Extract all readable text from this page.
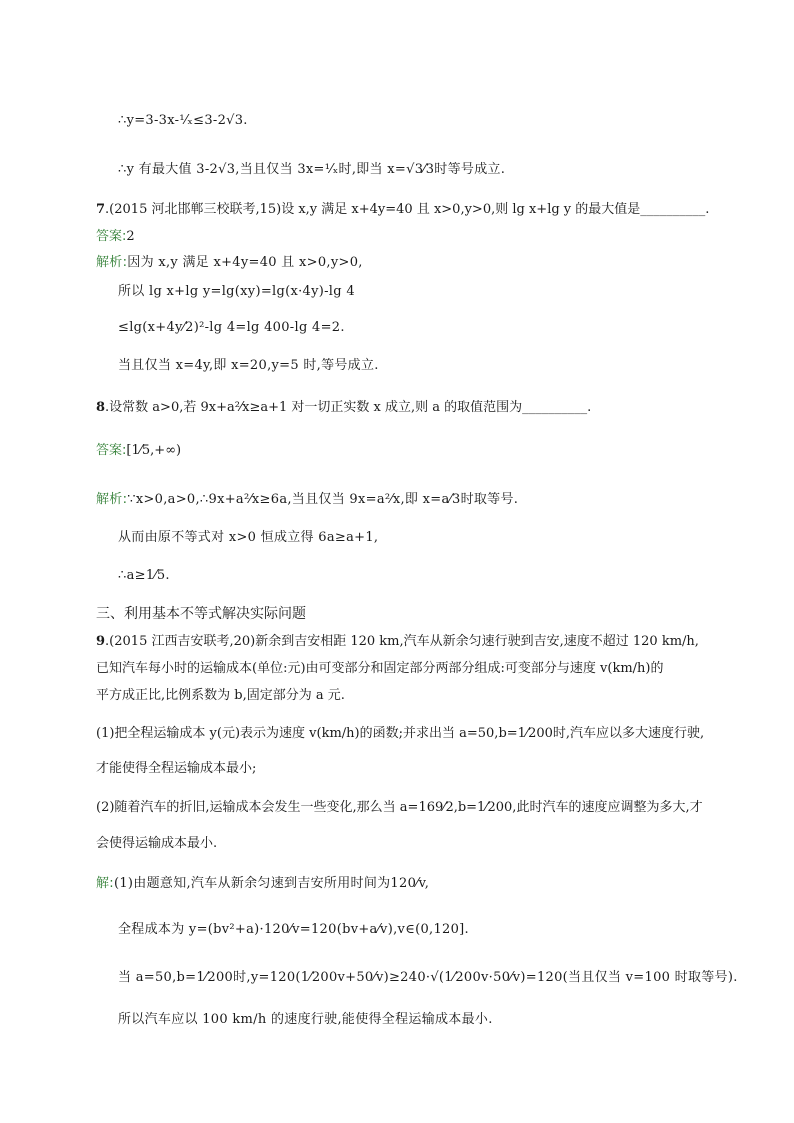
∴y=3-3x-¹⁄ₓ≤3-2√3.
∴y 有最大值 3-2√3,当且仅当 3x=¹⁄ₓ时,即当 x=√3⁄3时等号成立.
7.(2015 河北邯郸三校联考,15)设 x,y 满足 x+4y=40 且 x>0,y>0,则 lg x+lg y 的最大值是__________.
答案:2
解析:因为 x,y 满足 x+4y=40 且 x>0,y>0,
所以 lg x+lg y=lg(xy)=lg(x·4y)-lg 4
≤lg(x+4y⁄2)²-lg 4=lg 400-lg 4=2.
当且仅当 x=4y,即 x=20,y=5 时,等号成立.
8.设常数 a>0,若 9x+a²⁄x≥a+1 对一切正实数 x 成立,则 a 的取值范围为__________.
答案:[1⁄5,+∞)
解析:∵x>0,a>0,∴9x+a²⁄x≥6a,当且仅当 9x=a²⁄x,即 x=a⁄3时取等号.
从而由原不等式对 x>0 恒成立得 6a≥a+1,
∴a≥1⁄5.
三、利用基本不等式解决实际问题
9.(2015 江西吉安联考,20)新余到吉安相距 120 km,汽车从新余匀速行驶到吉安,速度不超过 120 km/h,
已知汽车每小时的运输成本(单位:元)由可变部分和固定部分两部分组成:可变部分与速度 v(km/h)的
平方成正比,比例系数为 b,固定部分为 a 元.
(1)把全程运输成本 y(元)表示为速度 v(km/h)的函数;并求出当 a=50,b=1⁄200时,汽车应以多大速度行驶,
才能使得全程运输成本最小;
(2)随着汽车的折旧,运输成本会发生一些变化,那么当 a=169⁄2,b=1⁄200,此时汽车的速度应调整为多大,才
会使得运输成本最小.
解:(1)由题意知,汽车从新余匀速到吉安所用时间为120⁄v,
全程成本为 y=(bv²+a)·120⁄v=120(bv+a⁄v),v∈(0,120].
当 a=50,b=1⁄200时,y=120(1⁄200v+50⁄v)≥240·√(1⁄200v·50⁄v)=120(当且仅当 v=100 时取等号).
所以汽车应以 100 km/h 的速度行驶,能使得全程运输成本最小.
